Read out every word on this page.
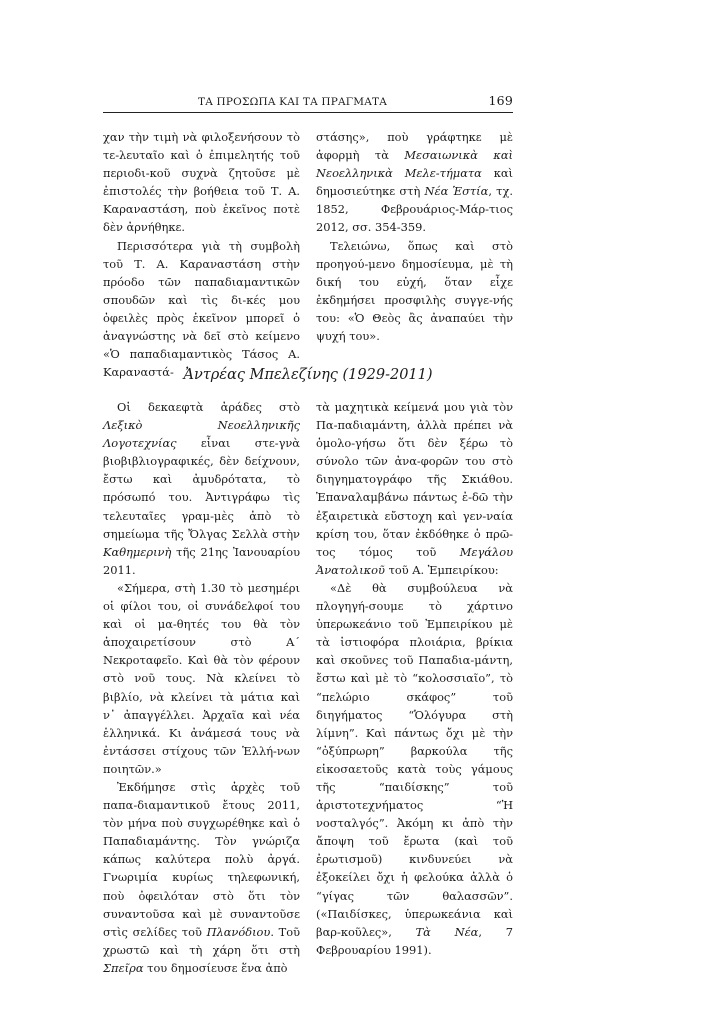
ΤΑ ΠΡΟΣΩΠΑ ΚΑΙ ΤΑ ΠΡΑΓΜΑΤΑ	169

χαν τὴν τιμὴ νὰ φιλοξενήσουν τὸ τε-λευταῖο καὶ ὁ ἐπιμελητής τοῦ περιοδι-κοῦ συχνὰ ζητοῦσε μὲ ἐπιστολές τὴν βοήθεια τοῦ Τ. Α. Καραναστάση, ποὺ ἐκεῖνος ποτὲ δὲν ἀρνήθηκε.

Περισσότερα γιὰ τὴ συμβολὴ τοῦ Τ. Α. Καραναστάση στὴν πρόοδο τῶν παπαδιαμαντικῶν σπουδῶν καὶ τὶς δι-κές μου ὀφειλὲς πρὸς ἐκεῖνον μπορεῖ ὁ ἀναγνώστης νὰ δεῖ στὸ κείμενο «Ὁ παπαδιαμαντικὸς Τάσος Α. Καραναστά-

στάσης», ποὺ γράφτηκε μὲ ἀφορμὴ τὰ Μεσαιωνικὰ καὶ Νεοελληνικὰ Μελε-τήματα καὶ δημοσιεύτηκε στὴ Νέα Ἑστία, τχ. 1852, Φεβρουάριος-Μάρ-τιος 2012, σσ. 354-359.

Τελειώνω, ὅπως καὶ στὸ προηγού-μενο δημοσίευμα, μὲ τὴ δική του εὐχή, ὅταν εἶχε ἐκδημήσει προσφιλὴς συγγε-νής του: «Ὁ Θεὸς ἂς ἀναπαύει τὴν ψυχή του».

Ἀντρέας Μπελεζίνης (1929-2011)

Οἱ δεκαεφτὰ ἀράδες στὸ Λεξικὸ Νεοελληνικῆς Λογοτεχνίας εἶναι στε-γνὰ βιοβιβλιογραφικές, δὲν δείχνουν, ἔστω καὶ ἀμυδρότατα, τὸ πρόσωπό του. Ἀντιγράφω τὶς τελευταῖες γραμ-μὲς ἀπὸ τὸ σημείωμα τῆς Ὄλγας Σελλὰ στὴν Καθημερινὴ τῆς 21ης Ἰανουαρίου 2011.

«Σήμερα, στὴ 1.30 τὸ μεσημέρι οἱ φίλοι του, οἱ συνάδελφοί του καὶ οἱ μα-θητές του θὰ τὸν ἀποχαιρετίσουν στὸ Α΄ Νεκροταφεῖο. Καὶ θὰ τὸν φέρουν στὸ νοῦ τους. Νὰ κλείνει τὸ βιβλίο, νὰ κλείνει τὰ μάτια καὶ ν᾿ ἀπαγγέλλει. Ἀρχαῖα καὶ νέα ἑλληνικά. Κι ἀνάμεσά τους νὰ ἐντάσσει στίχους τῶν Ἑλλή-νων ποιητῶν.»

Ἐκδήμησε στὶς ἀρχὲς τοῦ παπα-διαμαντικοῦ ἔτους 2011, τὸν μήνα ποὺ συγχωρέθηκε καὶ ὁ Παπαδιαμάντης. Τὸν γνώριζα κάπως καλύτερα πολὺ ἀργά. Γνωριμία κυρίως τηλεφωνική, ποὺ ὀφειλόταν στὸ ὅτι τὸν συναντοῦσα καὶ μὲ συναντοῦσε στὶς σελίδες τοῦ Πλανόδιου. Τοῦ χρωστῶ καὶ τὴ χάρη ὅτι στὴ Σπεῖρα του δημοσίευσε ἕνα ἀπὸ

τὰ μαχητικὰ κείμενά μου γιὰ τὸν Πα-παδιαμάντη, ἀλλὰ πρέπει νὰ ὁμολο-γήσω ὅτι δὲν ξέρω τὸ σύνολο τῶν ἀνα-φορῶν του στὸ διηγηματογράφο τῆς Σκιάθου. Ἐπαναλαμβάνω πάντως ἐ-δῶ τὴν ἐξαιρετικὰ εὔστοχη καὶ γεν-ναία κρίση του, ὅταν ἐκδόθηκε ὁ πρῶ-τος τόμος τοῦ Μεγάλου Ἀνατολικοῦ τοῦ Α. Ἐμπειρίκου:

«Δὲ θὰ συμβούλευα νὰ πλογηγή-σουμε τὸ χάρτινο ὑπερωκεάνιο τοῦ Ἐμπειρίκου μὲ τὰ ἱστιοφόρα πλοιάρια, βρίκια καὶ σκοῦνες τοῦ Παπαδια-μάντη, ἔστω καὶ μὲ τὸ “κολοσσιαῖο”, τὸ “πελώριο σκάφος” τοῦ διηγήματος “Ὁλόγυρα στὴ λίμνη”. Καὶ πάντως ὄχι μὲ τὴν “ὀξύπρωρη” βαρκούλα τῆς εἰκοσαετοῦς κατὰ τοὺς γάμους τῆς “παιδίσκης” τοῦ ἀριστοτεχνήματος “Ἡ νοσταλγός”. Ἀκόμη κι ἀπὸ τὴν ἄποψη τοῦ ἔρωτα (καὶ τοῦ ἐρωτισμοῦ) κινδυνεύει νὰ ἐξοκείλει ὄχι ἡ φελούκα ἀλλὰ ὁ “γίγας τῶν θαλασσῶν”. («Παιδίσκες, ὑπερωκεάνια καὶ βαρ-κοῦλες», Τὰ Νέα, 7 Φεβρουαρίου 1991).
